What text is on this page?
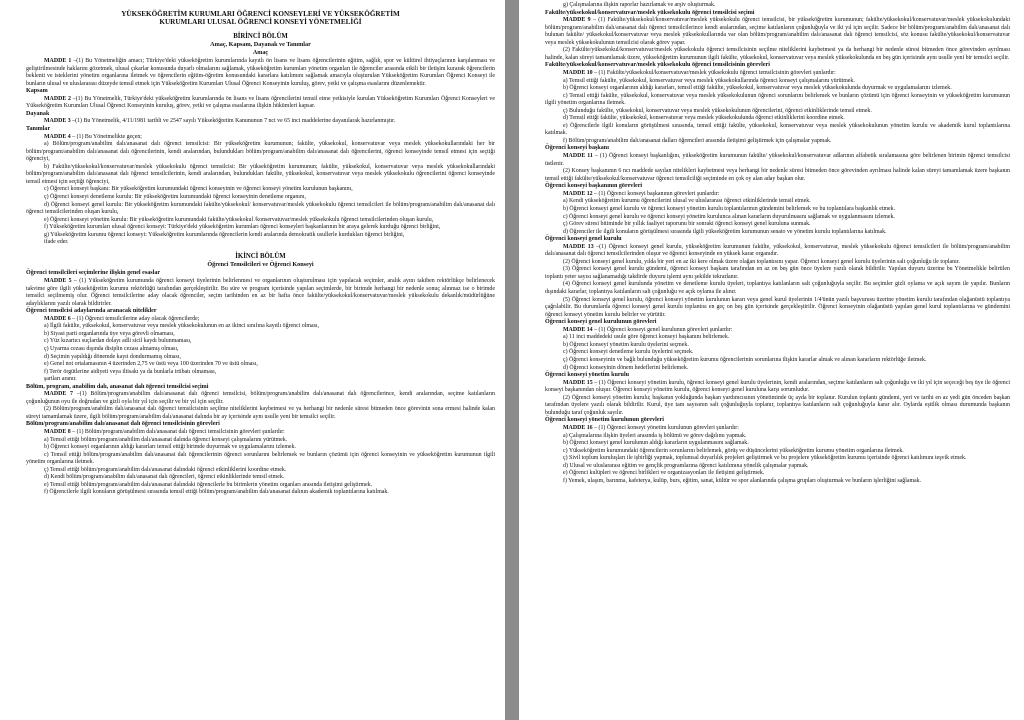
YÜKSEKÖĞRETİM KURUMLARI ÖĞRENCİ KONSEYLERİ VE YÜKSEKÖĞRETİM

KURUMLARI ULUSAL ÖĞRENCİ KONSEYİ YÖNETMELİĞİ

BİRİNCİ BÖLÜM

Amaç, Kapsam, Dayanak ve Tanımlar

Amaç

MADDE 1 –(1) Bu Yönetmeliğin amacı; Türkiye'deki yükseköğretim kurumlarında kayıtlı ön lisans ve lisans öğrencilerinin eğitim, sağlık, spor ve kültürel ihtiyaçlarının karşılanması ve geliştirilmesinde haklarını gözetmek, ulusal çıkarlar konusunda duyarlı olmalarını sağlamak, yükseköğretim kurumları yönetim organları ile öğrenciler arasında etkili bir iletişim kurarak öğrencilerin beklenti ve isteklerini yönetim organlarına iletmek ve öğrencilerin eğitim-öğretim konusundaki kararlara katılımını sağlamak amacıyla oluşturulan Yükseköğretim Kurumları Öğrenci Konseyi ile bunların ulusal ve uluslararası düzeyde temsil etmek için Yükseköğretim Kurumları Ulusal Öğrenci Konseyinin kuruluş, görev, yetki ve çalışma esaslarını düzenlemektir.

Kapsam

MADDE 2 –(1) Bu Yönetmelik, Türkiye'deki yükseköğretim kurumlarında ön lisans ve lisans öğrencilerini temsil etme yetkisiyle kurulan Yükseköğretim Kurumları Öğrenci Konseyleri ve Yükseköğretim Kurumları Ulusal Öğrenci Konseyinin kuruluş, görev, yetki ve çalışma esaslarına ilişkin hükümleri kapsar.

Dayanak

MADDE 3 –(1) Bu Yönetmelik, 4/11/1981 tarihli ve 2547 sayılı Yükseköğretim Kanununun 7 nci ve 65 inci maddelerine dayanılarak hazırlanmıştır.

Tanımlar

MADDE 4 – (1) Bu Yönetmelikte geçen;

a) Bölüm/program/anabilim dalı/anasanat dalı öğrenci temsilcisi: Bir yükseköğretim kurumunun; fakülte, yüksekokul, konservatuvar veya meslek yüksekokullarındaki her bir bölüm/program/anabilim dalı/anasanat dalı öğrencilerinin, kendi aralarından, bulundukları bölüm/program/anabilim dalı/anasanat dalı öğrencilerini, öğrenci konseyinde temsil etmesi için seçtiği öğrenciyi,

b) Fakülte/yüksekokul/konservatuvar/meslek yüksekokulu öğrenci temsilcisi: Bir yükseköğretim kurumunun; fakülte, yüksekokul, konservatuvar veya meslek yüksekokullarındaki bölüm/program/anabilim dalı/anasanat dalı öğrenci temsilcilerinin, kendi aralarından, bulundukları fakülte, yüksekokul, konservatuvar veya meslek yüksekokulu öğrencilerini öğrenci konseyinde temsil etmesi için seçtiği öğrenciyi,

c) Öğrenci konseyi başkanı: Bir yükseköğretim kurumundaki öğrenci konseyinin ve öğrenci konseyi yönetim kurulunun başkanını,

ç) Öğrenci konseyi denetleme kurulu: Bir yükseköğretim kurumundaki öğrenci konseyinin denetleme organını,

d) Öğrenci konseyi genel kurulu: Bir yükseköğretim kurumundaki fakülte/yüksekokul/ konservatuvar/meslek yüksekokulu öğrenci temsilcileri ile bölüm/program/anabilim dalı/anasanat dalı öğrenci temsilcilerinden oluşan kurulu,

e) Öğrenci konseyi yönetim kurulu: Bir yükseköğretim kurumundaki fakülte/yüksekokul /konservatuvar/meslek yüksekokulu öğrenci temsilcilerinden oluşan kurulu,

f) Yükseköğretim kurumları ulusal öğrenci konseyi: Türkiye'deki yükseköğretim kurumları öğrenci konseyleri başkanlarının bir araya gelerek kurduğu öğrenci birliğini,

g) Yükseköğretim kurumu öğrenci konseyi: Yükseköğretim kurumlarında öğrencilerin kendi aralarında demokratik usullerle kurdukları öğrenci birliğini,

ifade eder.

İKİNCİ BÖLÜM

Öğrenci Temsilcileri ve Öğrenci Konseyi

Öğrenci temsilcileri seçimlerine ilişkin genel esaslar

MADDE 5 – (1) Yükseköğretim kurumunda öğrenci konseyi üyelerinin belirlenmesi ve organlarının oluşturulması için yapılacak seçimler, aralık ayını takiben rektörlükçe belirlenecek takvime göre ilgili yükseköğretim kurumu rektörlüğü tarafından gerçekleştirilir. Bu süre ve program içerisinde yapılan seçimlerde, bir birimde herhangi bir nedenle sonuç alınmaz ise o birimde temsilci seçilmemiş olur. Öğrenci temsilcilerine aday olacak öğrenciler, seçim tarihinden en az bir hafta önce fakülte/yüksekokul/konservatuvar/meslek yüksekokulu dekanlık/müdürlüğüne adaylıklarını yazılı olarak bildirirler.

Öğrenci temsilcisi adaylarında aranacak nitelikler

MADDE 6 – (1) Öğrenci temsilcilerine aday olacak öğrencilerde;

a) İlgili fakülte, yüksekokul, konservatuvar veya meslek yüksekokulunun en az ikinci sınıfına kayıtlı öğrenci olması,

b) Siyasi parti organlarında üye veya görevli olmaması,

c) Yüz kızartıcı suçlardan dolayı adli sicil kaydı bulunmaması,

ç) Uyarma cezası dışında disiplin cezası almamış olması,

d) Seçimin yapıldığı dönemde kayıt dondurmamış olması,

e) Genel not ortalamasının 4 üzerinden 2,75 ve üstü veya 100 üzerinden 70 ve üstü olması,

f) Terör örgütlerine aidiyeti veya iltisakı ya da bunlarla irtibatı olmaması,

şartları aranır.

Bölüm, program, anabilim dalı, anasanat dalı öğrenci temsilcisi seçimi

MADDE 7 –(1) Bölüm/program/anabilim dalı/anasanat dalı öğrenci temsilcisi, bölüm/program/anabilim dalı/anasanat dalı öğrencilerince, kendi aralarından, seçime katılanların çoğunluğunun oyu ile doğrudan ve gizli oyla bir yıl için seçilir ve bir yıl için seçilir.

(2) Bölüm/program/anabilim dalı/anasanat dalı öğrenci temsilcisinin seçilme niteliklerini kaybetmesi ve ya herhangi bir nedenle süresi bitmeden önce görevinin sona ermesi halinde kalan süreyi tamamlamak üzere, ilgili bölüm/program/anabilim dalı/anasanat dalında bir ay içerisinde aynı usulle yeni bir temsilci seçilir.

Bölüm/program/anabilim dalı/anasanat dalı öğrenci temsilcisinin görevleri

MADDE 8 – (1) Bölüm/program/anabilim dalı/anasanat dalı öğrenci temsilcisinin görevleri şunlardır:

a) Temsil ettiği bölüm/program/anabilim dalı/anasanat dalında öğrenci konseyi çalışmalarını yürütmek.

b) Öğrenci konseyi organlarının aldığı kararları temsil ettiği birimde duyurmak ve uygulamalarını izlemek.

c) Temsil ettiği bölüm/program/anabilim dalı/anasanat dalı öğrencilerinin öğrenci sorunlarını belirlemek ve bunların çözümü için öğrenci konseyinin ve yükseköğretim kurumunun ilgili yönetim organlarına iletmek.

ç) Temsil ettiği bölüm/program/anabilim dalı/anasanat dalındaki öğrenci etkinliklerini koordine etmek.

d) Kendi bölüm/program/anabilim dalı/anasanat dalı öğrencileri, öğrenci etkinliklerinde temsil etmek.

e) Temsil ettiği bölüm/program/anabilim dalı/anasanat dalındaki öğrencilerle bu birimlerin yönetim organları arasında iletişimi geliştirmek.

f) Öğrencilerle ilgili konuların görüşülmesi sırasında temsil ettiği bölüm/program/anabilim dalı/anasanat dalının akademik toplantılarına katılmak.

g) Çalışmalarına ilişkin raporlar hazırlamak ve arşiv oluşturmak.

Fakülte/yüksekokul/konservatuvar/meslek yüksekokulu öğrenci temsilcisi seçimi

MADDE 9 – (1) Fakülte/yüksekokul/konservatuvar/meslek yüksekokulu öğrenci temsilcisi, bir yükseköğretim kurumunun; fakülte/yüksekokul/konservatuvar/meslek yüksekokulundaki bölüm/program/anabilim dalı/anasanat dalı öğrenci temsilcilerince kendi aralarından, seçime katılanların çoğunluğuyla ve iki yıl için seçilir. Sadece bir bölüm/program/anabilim dalı/anasanat dalı bulunan fakülte/ yüksekokul/konservatuvar veya meslek yüksekokullarında var olan bölüm/program/anabilim dalı/anasanat dalı öğrenci temsilcisi, söz konusu fakülte/yüksekokul/konservatuvar veya meslek yüksekokulunun temsilcisi olarak görev yapar.

(2) Fakülte/yüksekokul/konservatuvar/meslek yüksekokulu öğrenci temsilcisinin seçilme niteliklerini kaybetmesi ya da herhangi bir nedenle süresi bitmeden önce görevinden ayrılması halinde, kalan süreyi tamamlamak üzere, yükseköğretim kurumunun ilgili fakülte, yüksekokul, konservatuvar veya meslek yüksekokulunda en beş gün içerisinde aynı usulle yeni bir temsilci seçilir.

Fakülte/yüksekokul/konservatuvar/meslek yüksekokulu öğrenci temsilcisinin görevleri

MADDE 10 – (1) Fakülte/yüksekokul/konservatuvar/meslek yüksekokulu öğrenci temsilcisinin görevleri şunlardır:

a) Temsil ettiği fakülte, yüksekokul, konservatuvar veya meslek yüksekokullarında öğrenci konseyi çalışmalarını yürütmek.

b) Öğrenci konseyi organlarının aldığı kararları, temsil ettiği fakülte, yüksekokul, konservatuvar veya meslek yüksekokulunda duyurmak ve uygulamalarını izlemek.

c) Temsil ettiği fakülte, yüksekokul, konservatuvar veya meslek yüksekokulunun öğrenci sorunlarını belirlemek ve bunların çözümü için öğrenci konseyinin ve yükseköğretim kurumunun ilgili yönetim organlarına iletmek.

ç) Bulunduğu fakülte, yüksekokul, konservatuvar veya meslek yüksekokulunun öğrencilerini, öğrenci etkinliklerinde temsil etmek.

d) Temsil ettiği fakülte, yüksekokul, konservatuvar veya meslek yüksekokulunda öğrenci etkinliklerini koordine etmek.

e) Öğrencilerle ilgili konuların görüşülmesi sırasında, temsil ettiği fakülte, yüksekokul, konservatuvar veya meslek yüksekokulunun yönetim kurulu ve akademik kurul toplantılarına katılmak.

f) Bölüm/program/anabilim dalı/anasanat dalları öğrencileri arasında iletişimi geliştirmek için çalışmalar yapmak.

Öğrenci konseyi başkanı

MADDE 11 – (1) Öğrenci konseyi başkanlığını, yükseköğretim kurumunun fakülte/ yüksekokul/konservatuvar adlarının alfabetik sıralamasına göre belirlenen birimin öğrenci temsilcisi üstlenir.

(2) Konsey başkanının 6 ncı maddede sayılan nitelikleri kaybetmesi veya herhangi bir nedenle süresi bitmeden önce görevinden ayrılması halinde kalan süreyi tamamlamak üzere başkanın temsil ettiği fakülte/yüksekokul/konservatuvar öğrenci temsilciliği seçiminde en çok oy alan aday başkan olur.

Öğrenci konseyi başkanının görevleri

MADDE 12 – (1) Öğrenci konseyi başkanının görevleri şunlardır:

a) Kendi yükseköğretim kurumu öğrencilerini ulusal ve uluslararası öğrenci etkinliklerinde temsil etmek.

b) Öğrenci konseyi genel kurulu ve öğrenci konseyi yönetim kurulu toplantılarının gündemini belirlemek ve bu toplantılara başkanlık etmek.

c) Öğrenci konseyi genel kurulu ve öğrenci konseyi yönetim kurulunca alınan kararların duyurulmasını sağlamak ve uygulanmasını izlemek.

ç) Görev süresi bitiminde bir yıllık faaliyet raporunu bir sonraki öğrenci konseyi genel kuruluna sunmak.

d) Öğrenciler ile ilgili konuların görüşülmesi sırasında ilgili yükseköğretim kurumunun senato ve yönetim kurulu toplantılarına katılmak.

Öğrenci konseyi genel kurulu

MADDE 13 –(1) Öğrenci konseyi genel kurulu, yükseköğretim kurumunun fakülte, yüksekokul, konservatuvar, meslek yüksekokulu öğrenci temsilcileri ile bölüm/program/anabilim dalı/anasanat dalı öğrenci temsilcilerinden oluşur ve öğrenci konseyinde en yüksek karar organıdır.

(2) Öğrenci konseyi genel kurulu, yılda bir yeri en az iki kere olmak üzere olağan toplantısını yapar. Öğrenci konseyi genel kurulu üyelerinin salt çoğunluğu ile toplanır.

(3) Öğrenci konseyi genel kurulu gündemi, öğrenci konseyi başkanı tarafından en az on beş gün önce üyelere yazılı olarak bildirilir. Yapılan duyuru üzerine bu Yönetmelikle belirtilen toplantı yeter sayısı sağlanamadığı takdirde duyuru işlemi aynı şekilde tekrarlanır.

(4) Öğrenci konseyi genel kurulunda yönetim ve denetleme kurulu üyeleri, toplantıya katılanların salt çoğunluğuyla seçilir. Bu seçimler gizli oylama ve açık sayım ile yapılır. Bunların dışındaki kararlar, toplantıya katılanların salt çoğunluğu ve açık oylama ile alınır.

(5) Öğrenci konseyi genel kurulu, öğrenci konseyi yönetim kurulunun kararı veya genel kurul üyelerinin 1/4'ünün yazılı başvurusu üzerine yönetim kurulu tarafından olağanüstü toplantıya çağrılabilir. Bu durumlarda öğrenci konseyi genel kurulu toplantısı en geç on beş gün içerisinde gerçekleştirilir. Öğrenci konseyinin olağanüstü yapılan genel kurul toplantılarına ve gündemini öğrenci konseyi yönetim kurulu belirler ve yürütür.

Öğrenci konseyi genel kurulunun görevleri

MADDE 14 – (1) Öğrenci konseyi genel kurulunun görevleri şunlardır:

a) 11 inci maddedeki usule göre öğrenci konseyi başkanını belirlemek.

b) Öğrenci konseyi yönetim kurulu üyelerini seçmek.

c) Öğrenci konseyi denetleme kurulu üyelerini seçmek.

ç) Öğrenci konseyinin ve bağlı bulunduğu yükseköğretim kurumu öğrencilerinin sorunlarına ilişkin kararlar almak ve alınan kararların rektörlüğe iletmek.

d) Öğrenci konseyinin dönem hedeflerini belirlemek.

Öğrenci konseyi yönetim kurulu

MADDE 15 – (1) Öğrenci konseyi yönetim kurulu, öğrenci konseyi genel kurulu üyelerinin, kendi aralarından, seçime katılanların salt çoğunluğu ve iki yıl için seçeceği beş üye ile öğrenci konseyi başkanından oluşur. Öğrenci konseyi yönetim kurulu, öğrenci konseyi genel kuruluna karşı sorumludur.

(2) Öğrenci konseyi yönetim kurulu; başkanın yokluğunda başkan yardımcısının yönetiminde üç ayda bir toplanır. Kurulun toplantı gündemi, yeri ve tarihi en az yedi gün önceden başkan tarafından üyelere yazılı olarak bildirilir. Kurul, üye tam sayısının salt çoğunluğuyla toplanır, toplantıya katılanların salt çoğunluğuyla karar alır. Oylarda eşitlik olması durumunda başkanın bulunduğu taraf çoğunluk sayılır.

Öğrenci konseyi yönetim kurulunun görevleri

MADDE 16 – (1) Öğrenci konseyi yönetim kurulunun görevleri şunlardır:

a) Çalışmalarına ilişkin üyeleri arasında iş bölümü ve görev dağılımı yapmak.

b) Öğrenci konseyi genel kurulunun aldığı kararların uygulanmasını sağlamak.

c) Yükseköğretim kurumundaki öğrencilerin sorunlarını belirlemek, görüş ve düşüncelerini yükseköğretim kurumu yönetim organlarına iletmek.

ç) Sivil toplum kuruluşları ile işbirliği yapmak, toplumsal duyarlılık projeleri geliştirmek ve bu projelere yükseköğretim kurumu içerisinde öğrenci katılımını teşvik etmek.

d) Ulusal ve uluslararası eğitim ve gençlik programlarına öğrenci katılımına yönelik çalışmalar yapmak.

e) Öğrenci kulüpleri ve öğrenci birlikleri ve organizasyonları ile iletişimi geliştirmek.

f) Yemek, ulaşım, barınma, kafeterya, kulüp, burs, eğitim, sanat, kültür ve spor alanlarında çalışma grupları oluşturmak ve bunların işlerliğini sağlamak.
